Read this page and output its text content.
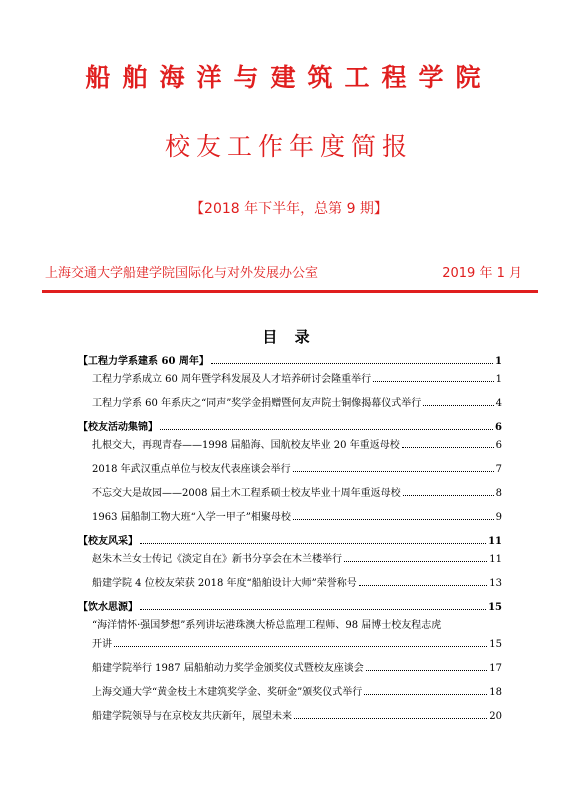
船舶海洋与建筑工程学院
校友工作年度简报
【2018 年下半年，总第 9 期】
上海交通大学船建学院国际化与对外发展办公室	2019 年 1 月
目 录
【工程力学系建系 60 周年】	1
工程力学系成立 60 周年暨学科发展及人才培养研讨会隆重举行	1
工程力学系 60 年系庆之“同声”奖学金捐赠暨何友声院士铜像揭幕仪式举行	4
【校友活动集锦】	6
扎根交大，再现青春——1998 届船海、国航校友毕业 20 年重返母校	6
2018 年武汉重点单位与校友代表座谈会举行	7
不忘交大是故园——2008 届土木工程系硕士校友毕业十周年重返母校	8
1963 届船制工物大班“入学一甲子”相聚母校	9
【校友风采】	11
赵朱木兰女士传记《淡定自在》新书分享会在木兰楼举行	11
船建学院 4 位校友荣获 2018 年度“船舶设计大师”荣誉称号	13
【饮水思源】	15
“海洋情怀·强国梦想”系列讲坛港珠澳大桥总监理工程师、98 届博士校友程志虎
开讲	15
船建学院举行 1987 届船舶动力奖学金颁奖仪式暨校友座谈会	17
上海交通大学“黄金枝土木建筑奖学金、奖研金”颁奖仪式举行	18
船建学院领导与在京校友共庆新年，展望未来	20
